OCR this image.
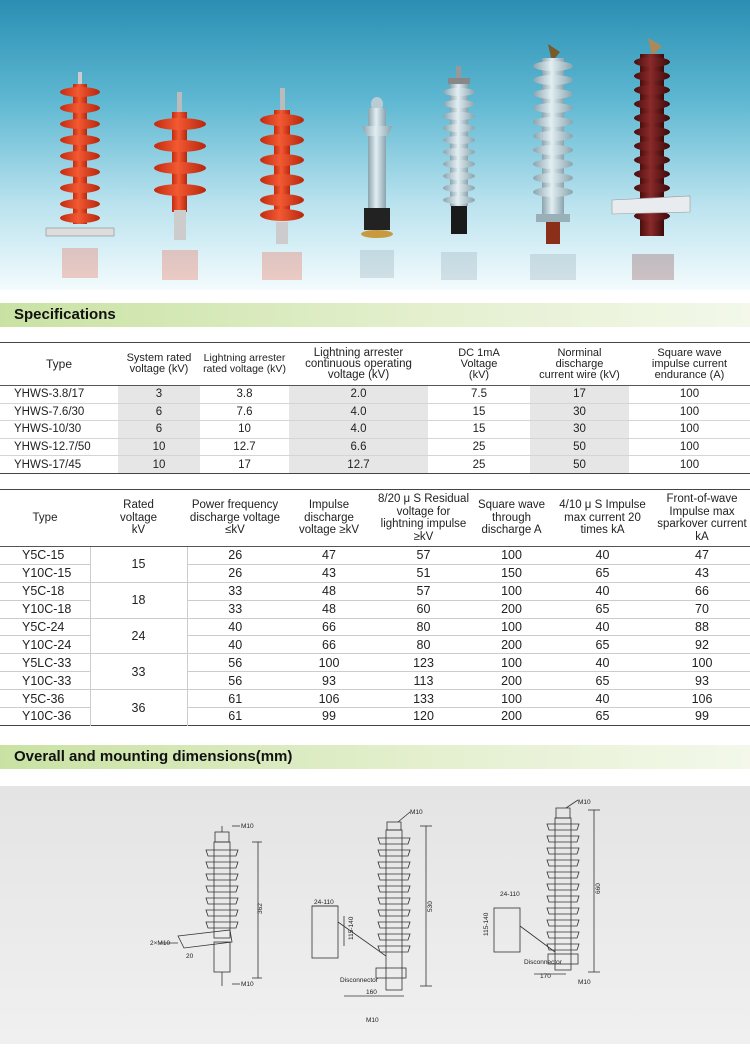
Specifications
Type	System rated voltage (kV)	Lightning arrester rated voltage (kV)	Lightning arrester continuous operating voltage (kV)	DC 1mA Voltage (kV)	Norminal discharge current wire (kV)	Square wave impulse current endurance (A)
YHWS-3.8/17	3	3.8	2.0	7.5	17	100
YHWS-7.6/30	6	7.6	4.0	15	30	100
YHWS-10/30	6	10	4.0	15	30	100
YHWS-12.7/50	10	12.7	6.6	25	50	100
YHWS-17/45	10	17	12.7	25	50	100
Type	Rated voltage kV	Power frequency discharge voltage ≤kV	Impulse discharge voltage ≥kV	8/20 μ S Residual voltage for lightning impulse ≥kV	Square wave through discharge A	4/10 μ S Impulse max current 20 times kA	Front-of-wave Impulse max sparkover current kA
Y5C-15	15	26	47	57	100	40	47
Y10C-15		26	43	51	150	65	43
Y5C-18	18	33	48	57	100	40	66
Y10C-18		33	48	60	200	65	70
Y5C-24	24	40	66	80	100	40	88
Y10C-24		40	66	80	200	65	92
Y5LC-33	33	56	100	123	100	40	100
Y10C-33		56	93	113	200	65	93
Y5C-36	36	61	106	133	100	40	106
Y10C-36		61	99	120	200	65	99
Overall and mounting dimensions(mm)
M10
362
2×M10
20
M10
M10
530
24-110
115-140
Disconnector
160
M10
M10
660
24-110
115-140
Disconnector
170
M10
